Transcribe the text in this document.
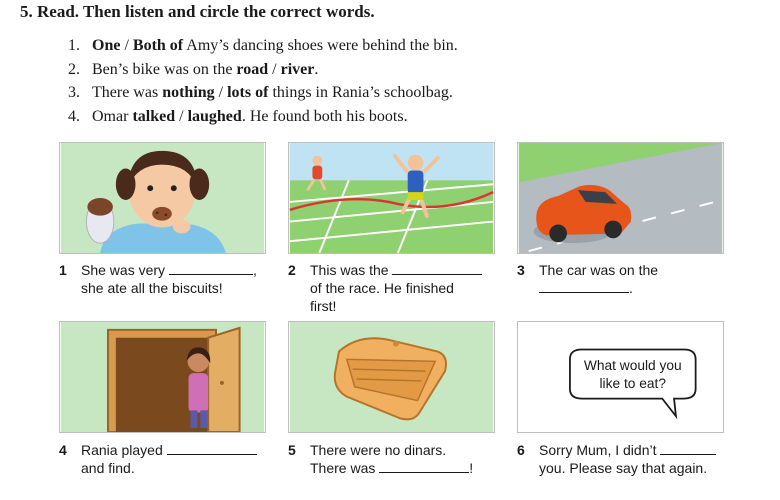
5. Read. Then listen and circle the correct words.
1. One / Both of Amy’s dancing shoes were behind the bin.
2. Ben’s bike was on the road / river.
3. There was nothing / lots of things in Rania’s schoolbag.
4. Omar talked / laughed. He found both his boots.
1 She was very	,
she ate all the biscuits!
2 This was the
of the race. He finished
first!
3 The car was on the
.
What would you
like to eat?
4 Rania played
and find.
5 There were no dinars.
There was	!
6 Sorry Mum, I didn’t
you. Please say that again.
